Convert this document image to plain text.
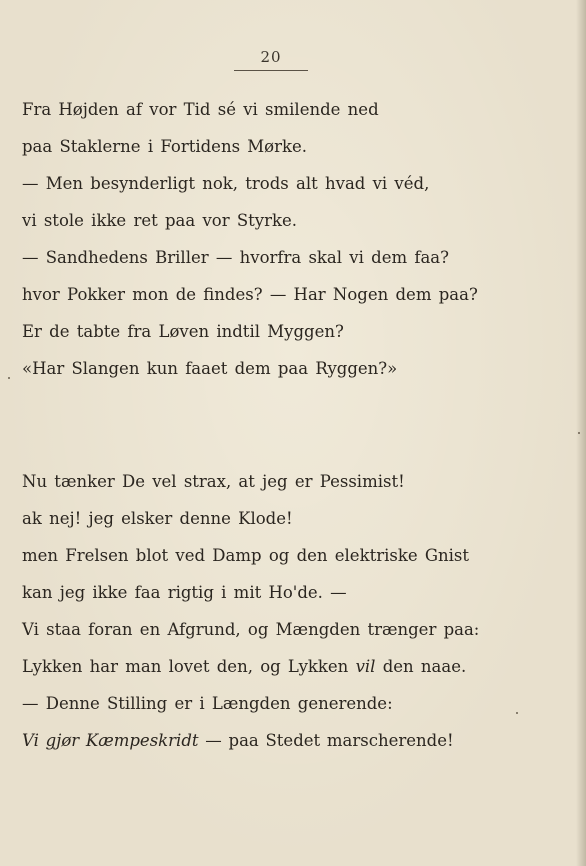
20
Fra Højden af vor Tid sé vi smilende ned
paa Staklerne i Fortidens Mørke.
— Men besynderligt nok, trods alt hvad vi véd,
vi stole ikke ret paa vor Styrke.
— Sandhedens Briller — hvorfra skal vi dem faa?
hvor Pokker mon de findes? — Har Nogen dem paa?
Er de tabte fra Løven indtil Myggen?
«Har Slangen kun faaet dem paa Ryggen?»
Nu tænker De vel strax, at jeg er Pessimist!
ak nej! jeg elsker denne Klode!
men Frelsen blot ved Damp og den elektriske Gnist
kan jeg ikke faa rigtig i mit Ho'de. —
Vi staa foran en Afgrund, og Mængden trænger paa:
Lykken har man lovet den, og Lykken vil den naae.
— Denne Stilling er i Længden generende:
Vi gjør Kæmpeskridt — paa Stedet marscherende!
